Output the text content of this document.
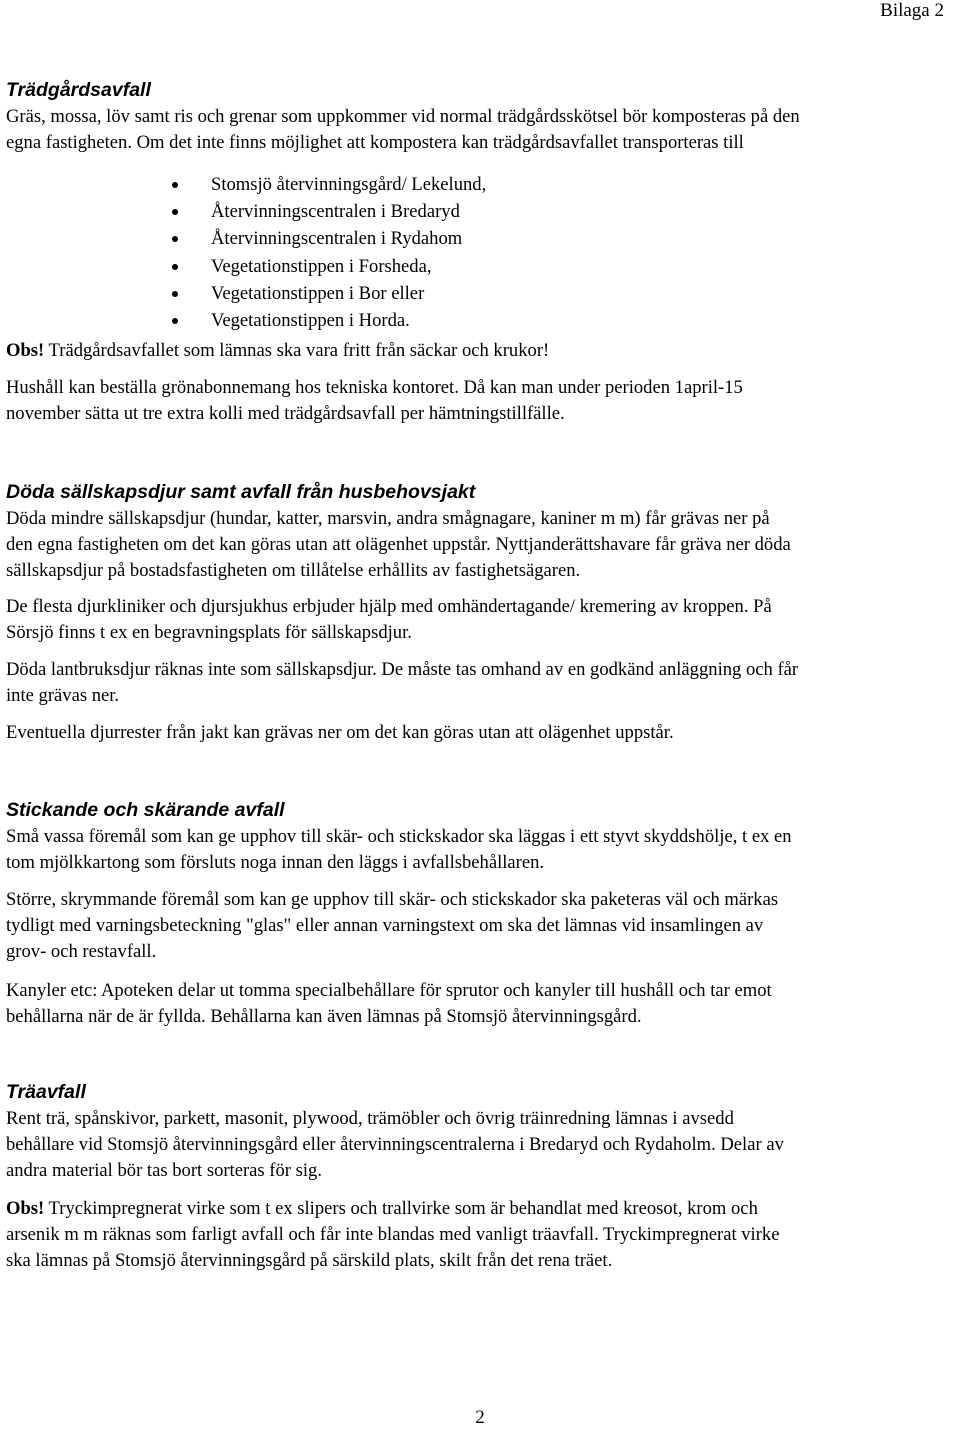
Bilaga 2
Trädgårdsavfall
Gräs, mossa, löv samt ris och grenar som uppkommer vid normal trädgårdsskötsel bör komposteras på den
egna fastigheten. Om det inte finns möjlighet att kompostera kan trädgårdsavfallet transporteras till
Stomsjö återvinningsgård/ Lekelund,
Återvinningscentralen i Bredaryd
Återvinningscentralen i Rydahom
Vegetationstippen i Forsheda,
Vegetationstippen i Bor eller
Vegetationstippen i Horda.
Obs! Trädgårdsavfallet som lämnas ska vara fritt från säckar och krukor!
Hushåll kan beställa grönabonnemang hos tekniska kontoret. Då kan man under perioden 1april-15
november sätta ut tre extra kolli med trädgårdsavfall per hämtningstillfälle.
Döda sällskapsdjur samt avfall från husbehovsjakt
Döda mindre sällskapsdjur (hundar, katter, marsvin, andra smågnagare, kaniner m m) får grävas ner på
den egna fastigheten om det kan göras utan att olägenhet uppstår. Nyttjanderättshavare får gräva ner döda
sällskapsdjur på bostadsfastigheten om tillåtelse erhållits av fastighetsägaren.
De flesta djurkliniker och djursjukhus erbjuder hjälp med omhändertagande/ kremering av kroppen. På
Sörsjö finns t ex en begravningsplats för sällskapsdjur.
Döda lantbruksdjur räknas inte som sällskapsdjur. De måste tas omhand av en godkänd anläggning och får
inte grävas ner.
Eventuella djurrester från jakt kan grävas ner om det kan göras utan att olägenhet uppstår.
Stickande och skärande avfall
Små vassa föremål som kan ge upphov till skär- och stickskador ska läggas i ett styvt skyddshölje, t ex en
tom mjölkkartong som försluts noga innan den läggs i avfallsbehållaren.
Större, skrymmande föremål som kan ge upphov till skär- och stickskador ska paketeras väl och märkas
tydligt med varningsbeteckning "glas" eller annan varningstext om ska det lämnas vid insamlingen av
grov- och restavfall.
Kanyler etc: Apoteken delar ut tomma specialbehållare för sprutor och kanyler till hushåll och tar emot
behållarna när de är fyllda. Behållarna kan även lämnas på Stomsjö återvinningsgård.
Träavfall
Rent trä, spånskivor, parkett, masonit, plywood, trämöbler och övrig träinredning lämnas i avsedd
behållare vid Stomsjö återvinningsgård eller återvinningscentralerna i Bredaryd och Rydaholm. Delar av
andra material bör tas bort sorteras för sig.
Obs! Tryckimpregnerat virke som t ex slipers och trallvirke som är behandlat med kreosot, krom och
arsenik m m räknas som farligt avfall och får inte blandas med vanligt träavfall. Tryckimpregnerat virke
ska lämnas på Stomsjö återvinningsgård på särskild plats, skilt från det rena träet.
2
